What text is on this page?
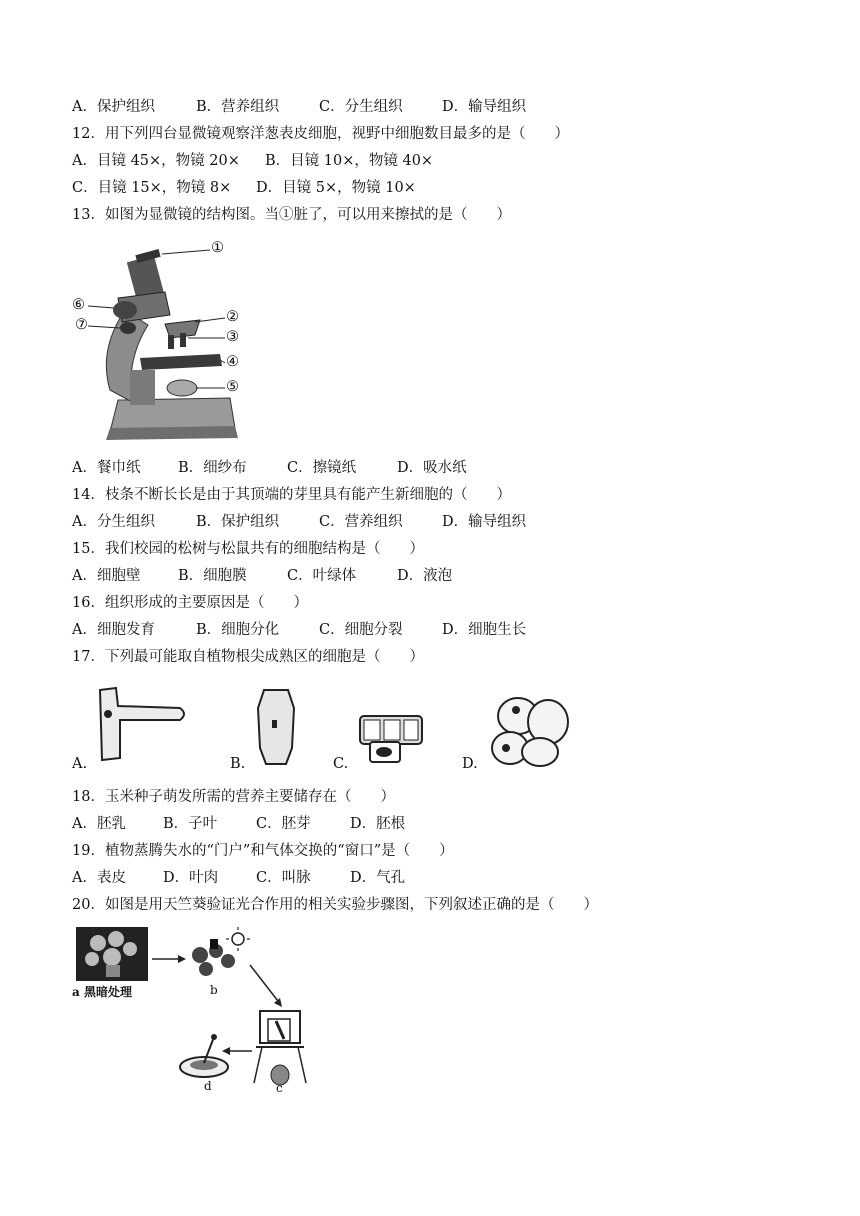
A．保护组织	B．营养组织	C．分生组织	D．输导组织
12．用下列四台显微镜观察洋葱表皮细胞，视野中细胞数目最多的是（　　）
A．目镜 45×，物镜 20× B．目镜 10×，物镜 40×
C．目镜 15×，物镜 8× D．目镜 5×，物镜 10×
13．如图为显微镜的结构图。当①脏了，可以用来擦拭的是（　　）
①
②
③
④
⑤
⑥
⑦
A．餐巾纸	B．细纱布	C．擦镜纸	D．吸水纸
14．枝条不断长长是由于其顶端的芽里具有能产生新细胞的（　　）
A．分生组织	B．保护组织	C．营养组织	D．输导组织
15．我们校园的松树与松鼠共有的细胞结构是（　　）
A．细胞壁	B．细胞膜	C．叶绿体	D．液泡
16．组织形成的主要原因是（　　）
A．细胞发育	B．细胞分化	C．细胞分裂	D．细胞生长
17．下列最可能取自植物根尖成熟区的细胞是（　　）
A.	B.	C.	D.
18．玉米种子萌发所需的营养主要储存在（　　）
A．胚乳	B．子叶	C．胚芽	D．胚根
19．植物蒸腾失水的“门户”和气体交换的“窗口”是（　　）
A．表皮	D．叶肉	C．叫脉	D．气孔
20．如图是用天竺葵验证光合作用的相关实验步骤图，下列叙述正确的是（　　）
a 黑暗处理	b
c
d
